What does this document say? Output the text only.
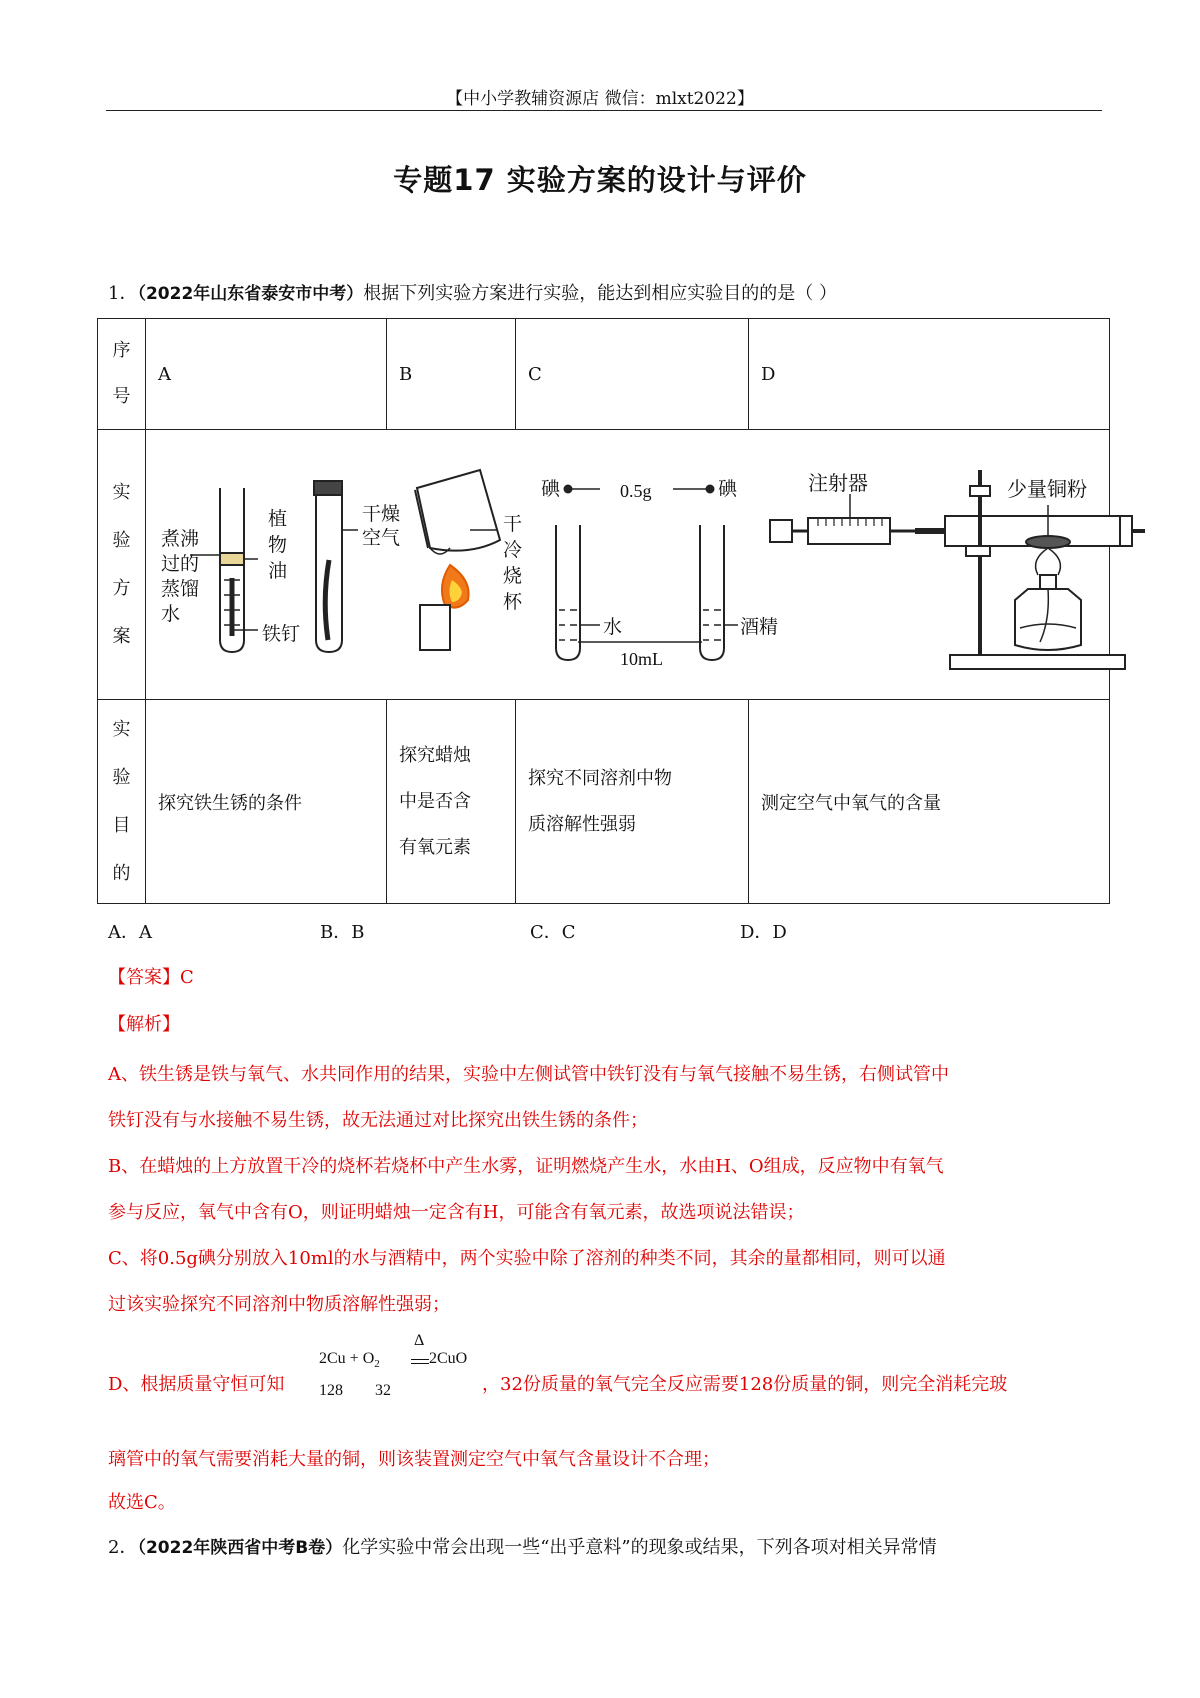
【中小学教辅资源店 微信：mlxt2022】
专题17 实验方案的设计与评价
1．（2022年山东省泰安市中考）根据下列实验方案进行实验，能达到相应实验目的的是（ ）
序号	A	B	C	D

实验方案				

实验目的	探究铁生锈的条件	探究蜡烛中是否含有氧元素	探究不同溶剂中物质溶解性强弱	测定空气中氧气的含量
煮沸过的蒸馏水
植物油
铁钉
干燥空气
干冷烧杯
碘	0.5g	碘
水
10mL
酒精
注射器	少量铜粉
A．A	B．B	C．C	D．D
【答案】C
【解析】
A、铁生锈是铁与氧气、水共同作用的结果，实验中左侧试管中铁钉没有与氧气接触不易生锈，右侧试管中
铁钉没有与水接触不易生锈，故无法通过对比探究出铁生锈的条件；
B、在蜡烛的上方放置干冷的烧杯若烧杯中产生水雾，证明燃烧产生水，水由H、O组成，反应物中有氧气
参与反应，氧气中含有O，则证明蜡烛一定含有H，可能含有氧元素，故选项说法错误；
C、将0.5g碘分别放入10ml的水与酒精中，两个实验中除了溶剂的种类不同，其余的量都相同，则可以通
过该实验探究不同溶剂中物质溶解性强弱；
D、根据质量守恒可知
$2Cu + O_2$
Δ
2CuO
128 32	，32份质量的氧气完全反应需要128份质量的铜，则完全消耗完玻
璃管中的氧气需要消耗大量的铜，则该装置测定空气中氧气含量设计不合理；
故选C。
2．（2022年陕西省中考B卷）化学实验中常会出现一些“出乎意料”的现象或结果，下列各项对相关异常情
